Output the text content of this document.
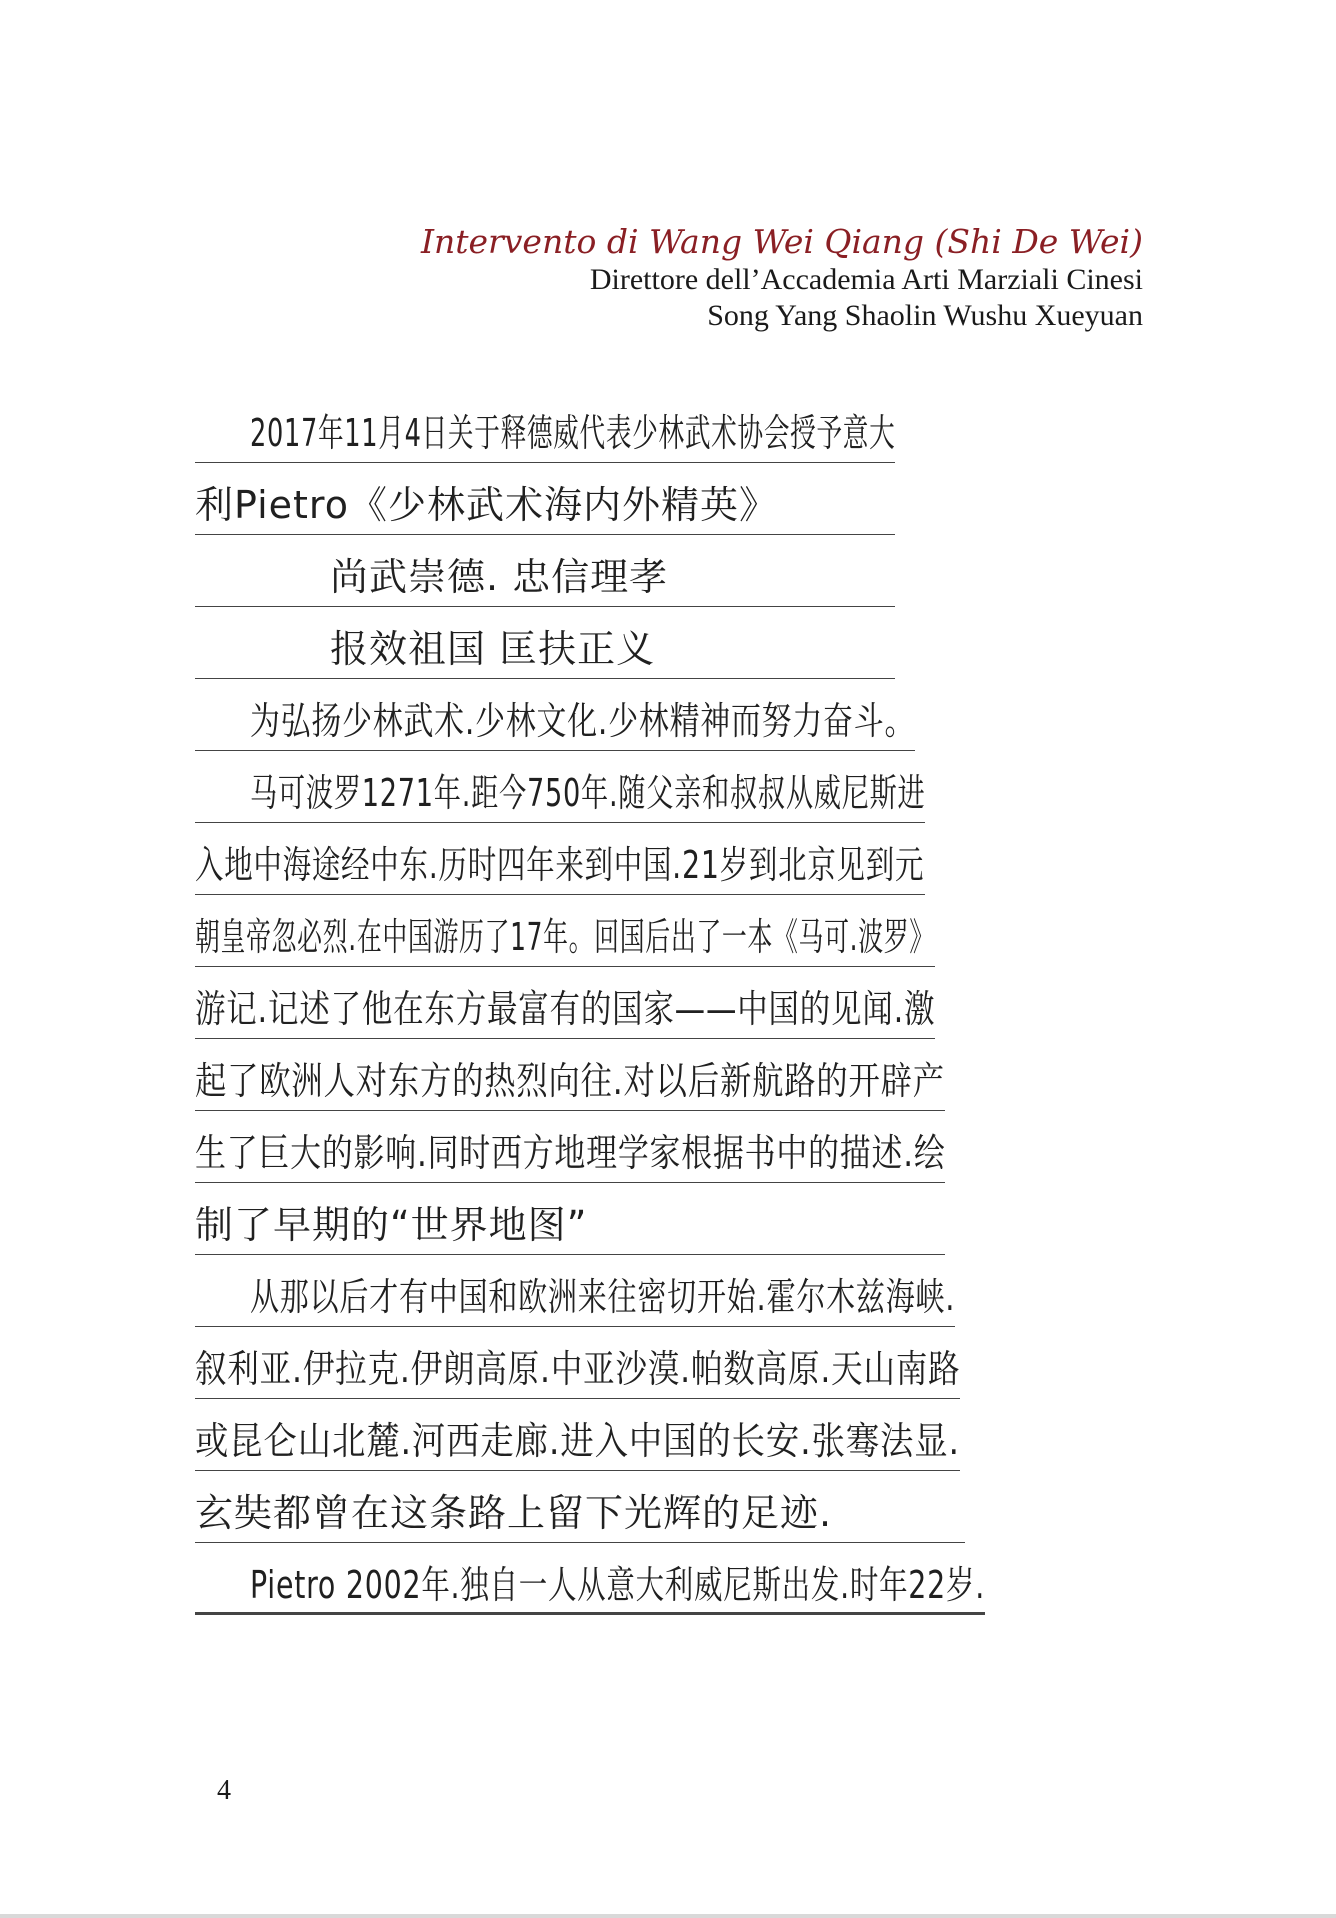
Intervento di Wang Wei Qiang (Shi De Wei)
Direttore dell’Accademia Arti Marziali Cinesi
Song Yang Shaolin Wushu Xueyuan
2017年11月4日关于释德威代表少林武术协会授予意大
利Pietro《少林武术海内外精英》
尚武崇德. 忠信理孝
报效祖国 匡扶正义
为弘扬少林武术.少林文化.少林精神而努力奋斗。
马可波罗1271年.距今750年.随父亲和叔叔从威尼斯进
入地中海途经中东.历时四年来到中国.21岁到北京见到元
朝皇帝忽必烈.在中国游历了17年。回国后出了一本《马可.波罗》
游记.记述了他在东方最富有的国家——中国的见闻.激
起了欧洲人对东方的热烈向往.对以后新航路的开辟产
生了巨大的影响.同时西方地理学家根据书中的描述.绘
制了早期的“世界地图”
从那以后才有中国和欧洲来往密切开始.霍尔木兹海峡.
叙利亚.伊拉克.伊朗高原.中亚沙漠.帕数高原.天山南路
或昆仑山北麓.河西走廊.进入中国的长安.张骞法显.
玄奘都曾在这条路上留下光辉的足迹.
Pietro 2002年.独自一人从意大利威尼斯出发.时年22岁.
4
